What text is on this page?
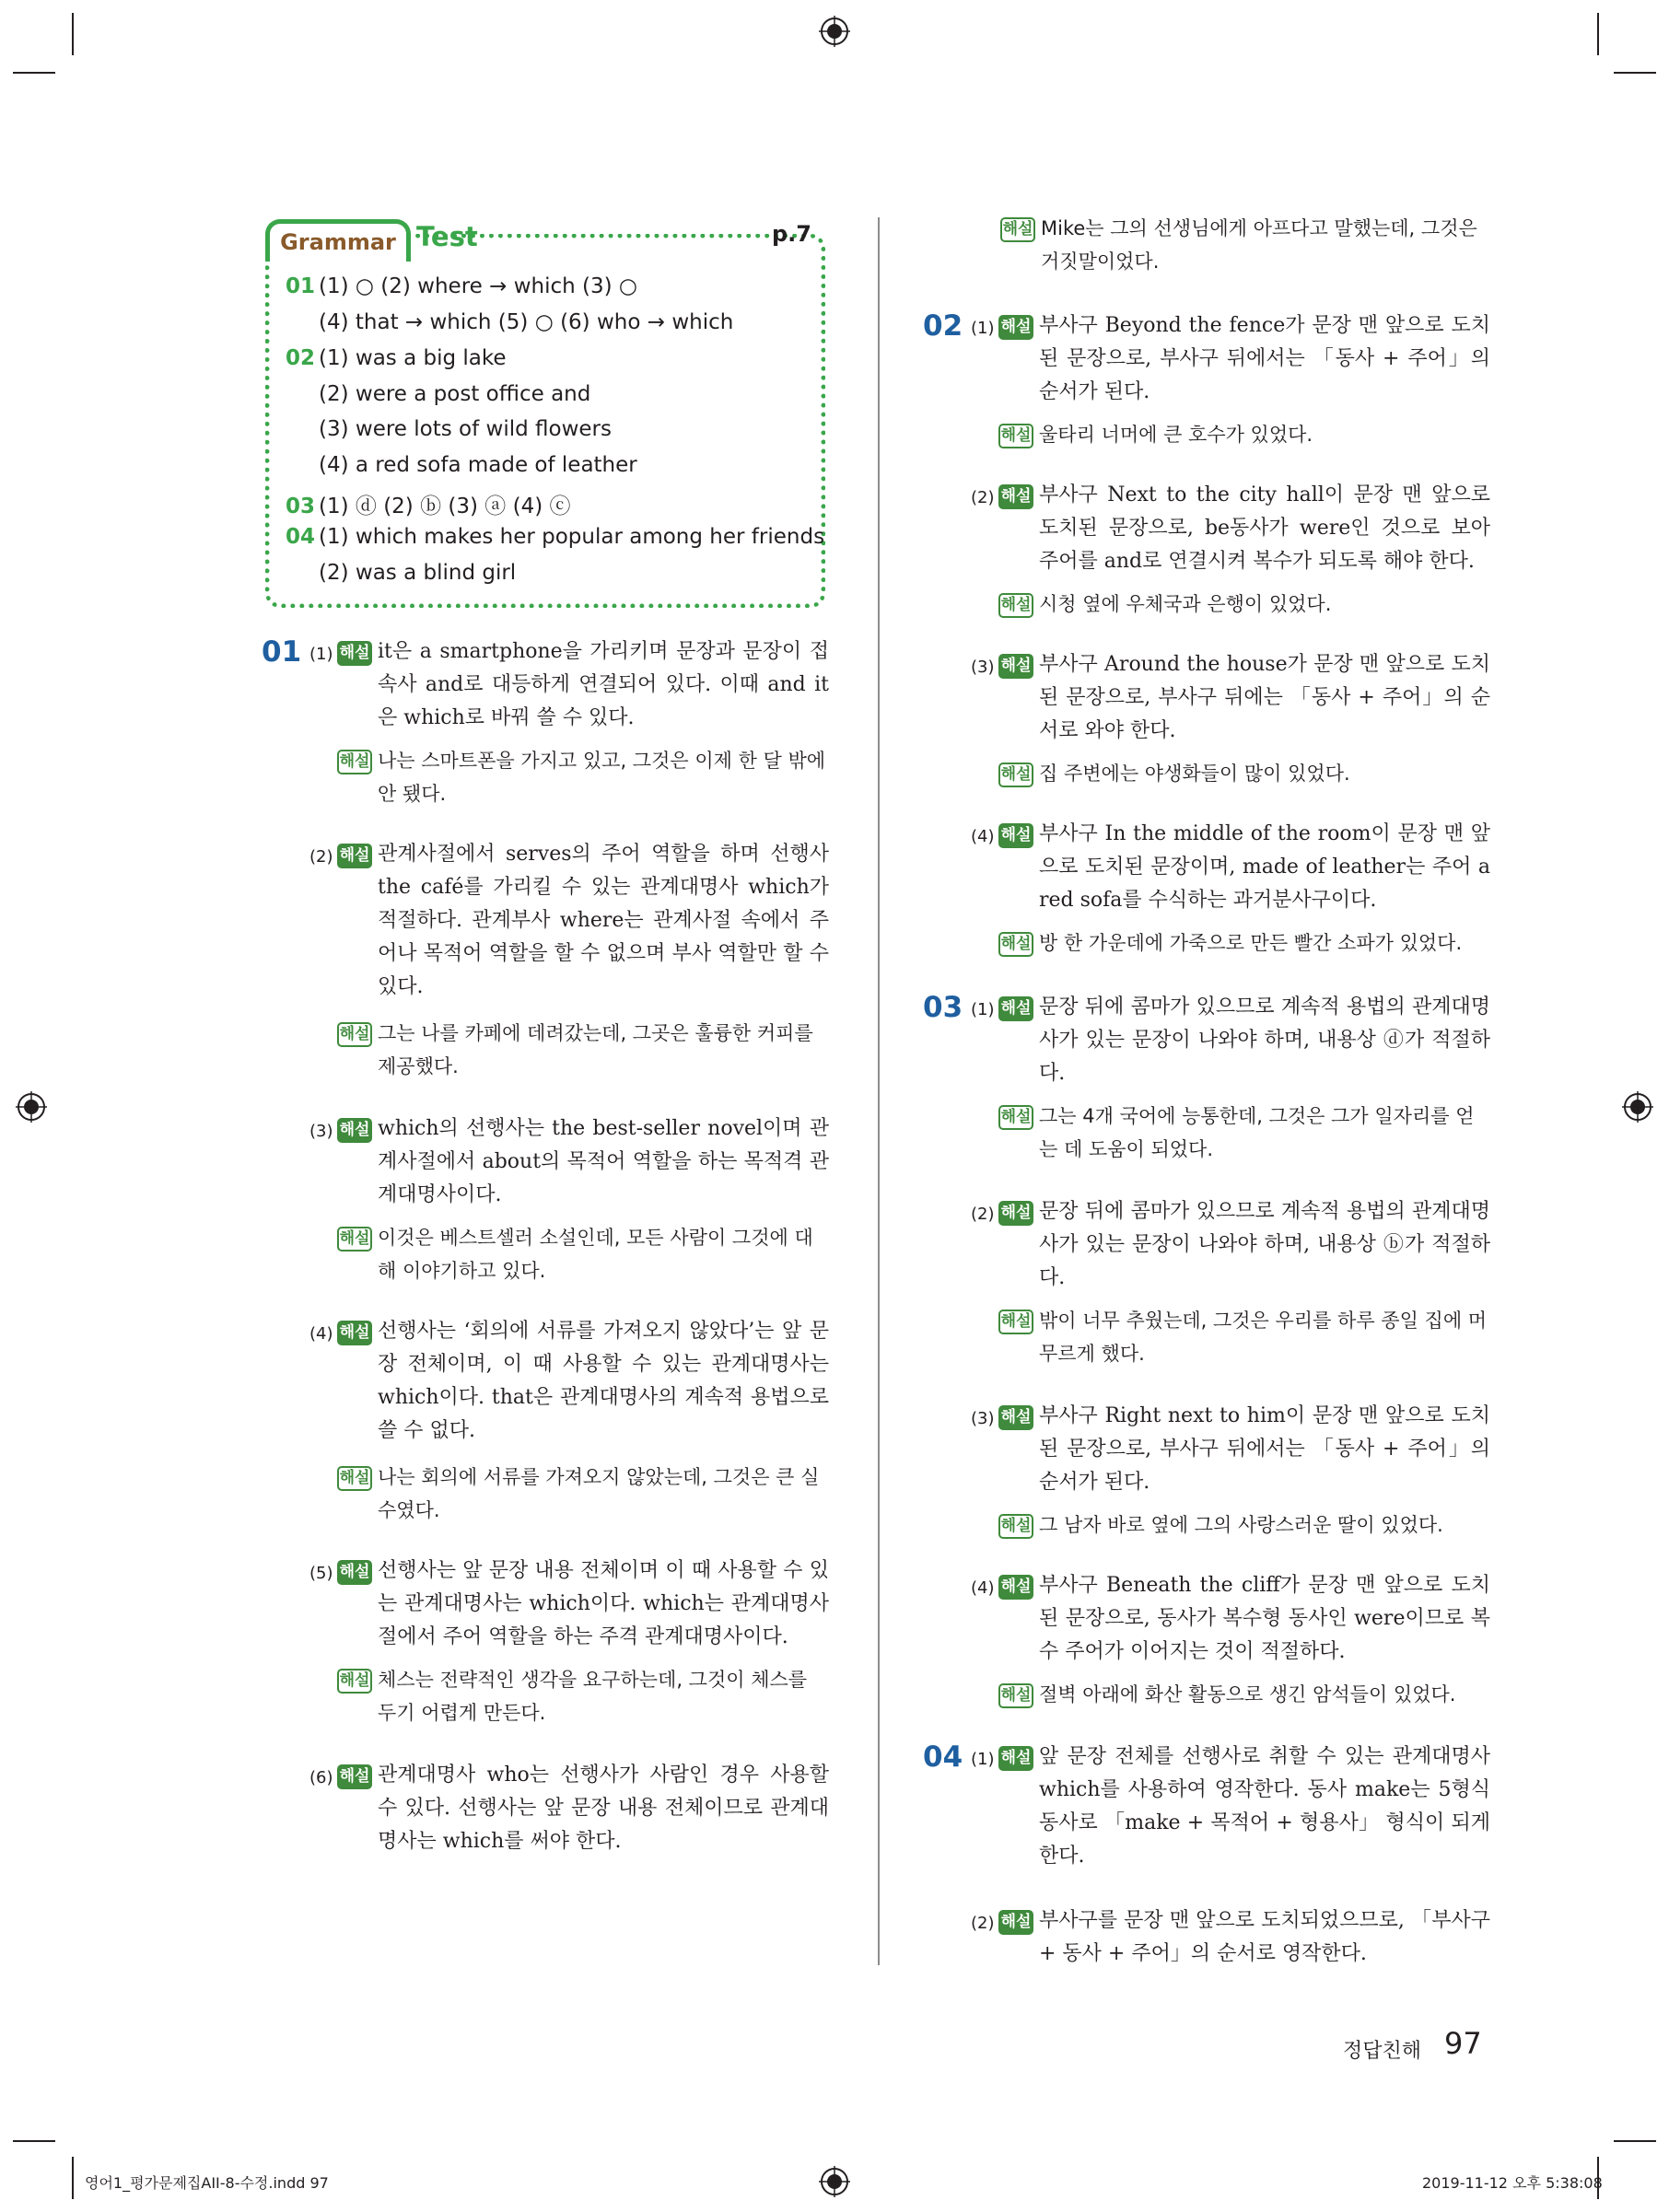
Grammar Test	p.7
01 (1) ○ (2) where → which (3) ○
(4) that → which (5) ○ (6) who → which
02 (1) was a big lake
(2) were a post office and
(3) were lots of wild flowers
(4) a red sofa made of leather
03 (1) ⓓ (2) ⓑ (3) ⓐ (4) ⓒ
04 (1) which makes her popular among her friends
(2) was a blind girl
01 (1) 해설 it은 a smartphone을 가리키며 문장과 문장이 접속사 and로 대등하게 연결되어 있다. 이때 and it은 which로 바꿔 쓸 수 있다.
해설 나는 스마트폰을 가지고 있고, 그것은 이제 한 달 밖에 안 됐다.
(2) 해설 관계사절에서 serves의 주어 역할을 하며 선행사 the café를 가리킬 수 있는 관계대명사 which가 적절하다. 관계부사 where는 관계사절 속에서 주어나 목적어 역할을 할 수 없으며 부사 역할만 할 수 있다.
해설 그는 나를 카페에 데려갔는데, 그곳은 훌륭한 커피를 제공했다.
(3) 해설 which의 선행사는 the best-seller novel이며 관계사절에서 about의 목적어 역할을 하는 목적격 관계대명사이다.
해설 이것은 베스트셀러 소설인데, 모든 사람이 그것에 대해 이야기하고 있다.
(4) 해설 선행사는 ‘회의에 서류를 가져오지 않았다’는 앞 문장 전체이며, 이 때 사용할 수 있는 관계대명사는 which이다. that은 관계대명사의 계속적 용법으로 쓸 수 없다.
해설 나는 회의에 서류를 가져오지 않았는데, 그것은 큰 실수였다.
(5) 해설 선행사는 앞 문장 내용 전체이며 이 때 사용할 수 있는 관계대명사는 which이다. which는 관계대명사절에서 주어 역할을 하는 주격 관계대명사이다.
해설 체스는 전략적인 생각을 요구하는데, 그것이 체스를 두기 어렵게 만든다.
(6) 해설 관계대명사 who는 선행사가 사람인 경우 사용할 수 있다. 선행사는 앞 문장 내용 전체이므로 관계대명사는 which를 써야 한다.
해설 Mike는 그의 선생님에게 아프다고 말했는데, 그것은 거짓말이었다.
02 (1) 해설 부사구 Beyond the fence가 문장 맨 앞으로 도치된 문장으로, 부사구 뒤에서는 「동사 + 주어」의 순서가 된다.
해설 울타리 너머에 큰 호수가 있었다.
(2) 해설 부사구 Next to the city hall이 문장 맨 앞으로 도치된 문장으로, be동사가 were인 것으로 보아 주어를 and로 연결시켜 복수가 되도록 해야 한다.
해설 시청 옆에 우체국과 은행이 있었다.
(3) 해설 부사구 Around the house가 문장 맨 앞으로 도치된 문장으로, 부사구 뒤에는 「동사 + 주어」의 순서로 와야 한다.
해설 집 주변에는 야생화들이 많이 있었다.
(4) 해설 부사구 In the middle of the room이 문장 맨 앞으로 도치된 문장이며, made of leather는 주어 a red sofa를 수식하는 과거분사구이다.
해설 방 한 가운데에 가죽으로 만든 빨간 소파가 있었다.
03 (1) 해설 문장 뒤에 콤마가 있으므로 계속적 용법의 관계대명사가 있는 문장이 나와야 하며, 내용상 ⓓ가 적절하다.
해설 그는 4개 국어에 능통한데, 그것은 그가 일자리를 얻는 데 도움이 되었다.
(2) 해설 문장 뒤에 콤마가 있으므로 계속적 용법의 관계대명사가 있는 문장이 나와야 하며, 내용상 ⓑ가 적절하다.
해설 밖이 너무 추웠는데, 그것은 우리를 하루 종일 집에 머무르게 했다.
(3) 해설 부사구 Right next to him이 문장 맨 앞으로 도치된 문장으로, 부사구 뒤에서는 「동사 + 주어」의 순서가 된다.
해설 그 남자 바로 옆에 그의 사랑스러운 딸이 있었다.
(4) 해설 부사구 Beneath the cliff가 문장 맨 앞으로 도치된 문장으로, 동사가 복수형 동사인 were이므로 복수 주어가 이어지는 것이 적절하다.
해설 절벽 아래에 화산 활동으로 생긴 암석들이 있었다.
04 (1) 해설 앞 문장 전체를 선행사로 취할 수 있는 관계대명사 which를 사용하여 영작한다. 동사 make는 5형식 동사로 「make + 목적어 + 형용사」 형식이 되게 한다.
(2) 해설 부사구를 문장 맨 앞으로 도치되었으므로, 「부사구 + 동사 + 주어」의 순서로 영작한다.
정답친해 97
영어1_평가문제집AII-8-수정.indd 97	2019-11-12 오후 5:38:08
